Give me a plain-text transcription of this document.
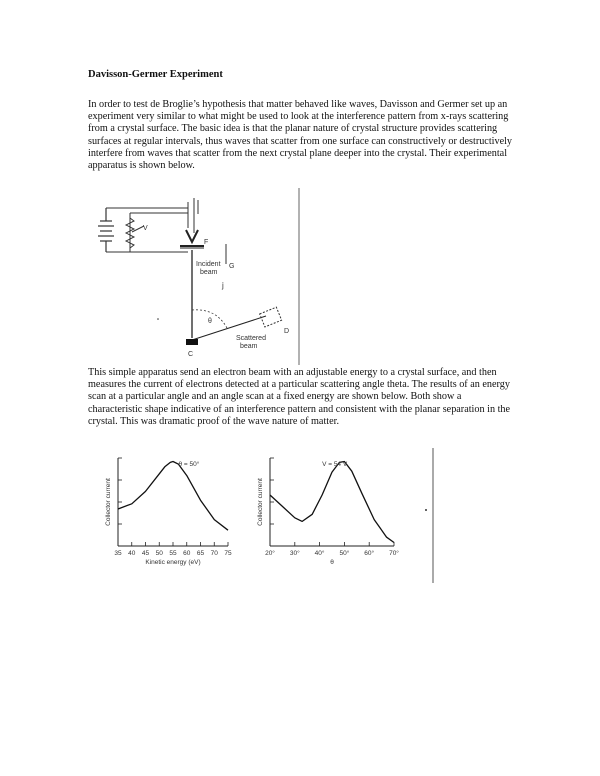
Davisson-Germer Experiment
In order to test de Broglie’s hypothesis that matter behaved like waves, Davisson and Germer set up an experiment very similar to what might be used to look at the interference pattern from x-rays scattering from a crystal surface. The basic idea is that the planar nature of crystal structure provides scattering surfaces at regular intervals, thus waves that scatter from one surface can constructively or destructively interfere from waves that scatter from the next crystal plane deeper into the crystal. Their experimental apparatus is shown below.
V
F
G
Incident
beam
j
θ
D
Scattered
beam
C
This simple apparatus send an electron beam with an adjustable energy to a crystal surface, and then measures the current of electrons detected at a particular scattering angle theta. The results of an energy scan at a particular angle and an angle scan at a fixed energy are shown below. Both show a characteristic shape indicative of an interference pattern and consistent with the planar separation in the crystal. This was dramatic proof of the wave nature of matter.
35 40 45 50 55 60 65 70 75
θ = 50°
Collector current
Kinetic energy (eV)
20° 30° 40° 50° 60° 70°
V = 54 V
Collector current
θ
